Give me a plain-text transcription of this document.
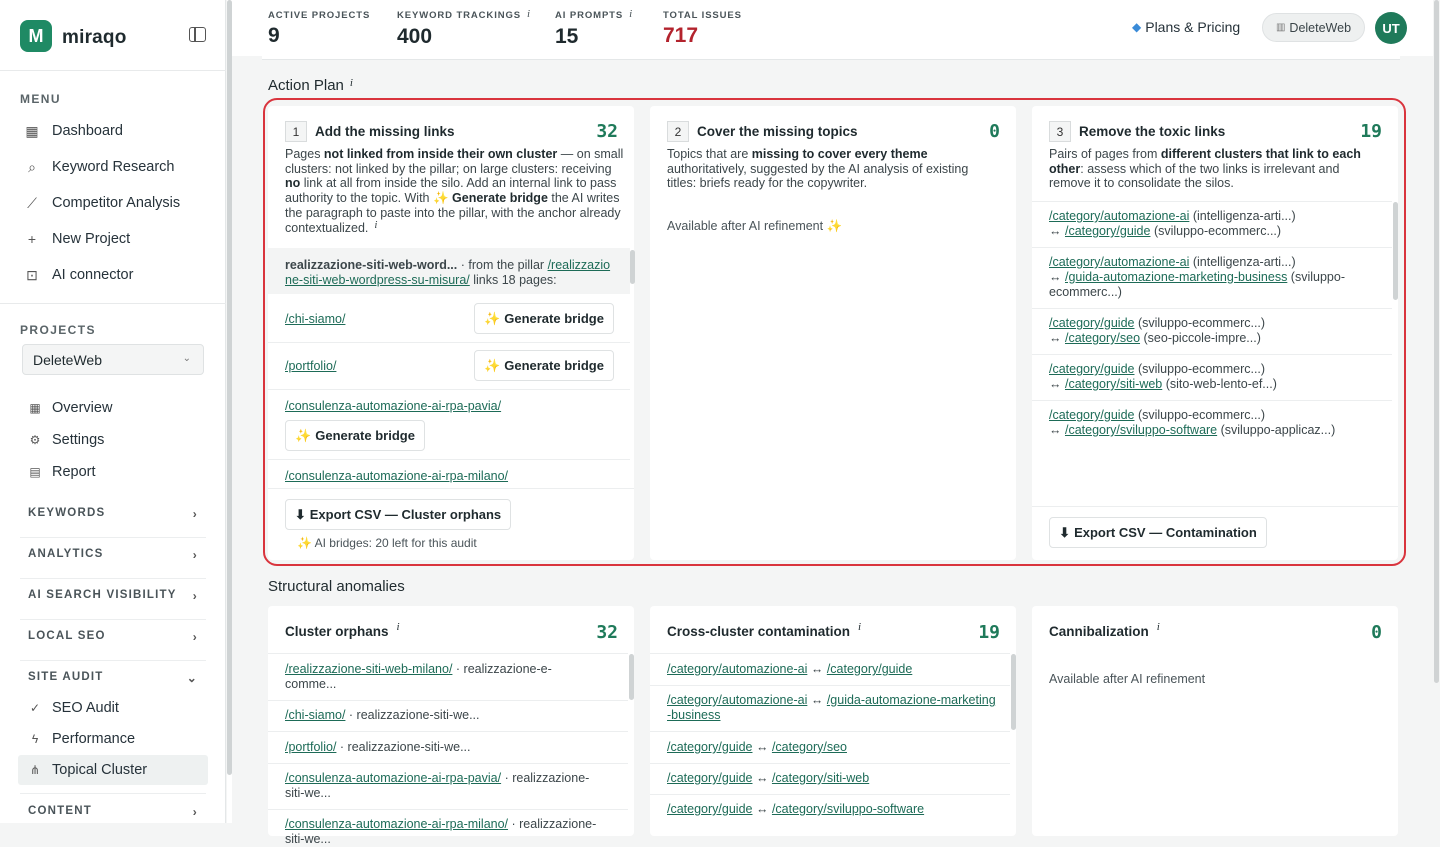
M miraqo
MENU
▦ Dashboard
⌕ Keyword Research
⟋ Competitor Analysis
+ New Project
⊡ AI connector
PROJECTS
DeleteWeb	⌄
▦ Overview
⚙ Settings
▤ Report
KEYWORDS	›
ANALYTICS	›
AI SEARCH VISIBILITY ›
LOCAL SEO	›
SITE AUDIT	⌄
✓ SEO Audit
ϟ Performance
⋔ Topical Cluster
CONTENT	›
ACTIVE PROJECTS
9
KEYWORD TRACKINGS i
400
AI PROMPTS i
15
TOTAL ISSUES
717	◆ Plans & Pricing	▥ DeleteWeb	UT
Action Plan $^i$
1	Add the missing links	32
Pages not linked from inside their own cluster — on small clusters: not linked by the pillar; on large clusters: receiving no link at all from inside the silo. Add an internal link to pass authority to the topic. With ✨ Generate bridge the AI writes the paragraph to paste into the pillar, with the anchor already contextualized. i
realizzazione-siti-web-word... · from the pillar /realizzazione-siti-web-wordpress-su-misura/ links 18 pages:
/chi-siamo/	✨ Generate bridge
/portfolio/	✨ Generate bridge
/consulenza-automazione-ai-rpa-pavia/
✨ Generate bridge
/consulenza-automazione-ai-rpa-milano/
⬇ Export CSV — Cluster orphans
✨ AI bridges: 20 left for this audit
2	Cover the missing topics	0
Topics that are missing to cover every theme authoritatively, suggested by the AI analysis of existing titles: briefs ready for the copywriter.
Available after AI refinement ✨
3	Remove the toxic links	19
Pairs of pages from different clusters that link to each other: assess which of the two links is irrelevant and remove it to consolidate the silos.
/category/automazione-ai (intelligenza-arti...)
↔ /category/guide (sviluppo-ecommerc...)
/category/automazione-ai (intelligenza-arti...)
↔ /guida-automazione-marketing-business (sviluppo-ecommerc...)
/category/guide (sviluppo-ecommerc...)
↔ /category/seo (seo-piccole-impre...)
/category/guide (sviluppo-ecommerc...)
↔ /category/siti-web (sito-web-lento-ef...)
/category/guide (sviluppo-ecommerc...)
↔ /category/sviluppo-software (sviluppo-applicaz...)
⬇ Export CSV — Contamination
Structural anomalies
Cluster orphans i	32
/realizzazione-siti-web-milano/ · realizzazione-e-comme...
/chi-siamo/ · realizzazione-siti-we...
/portfolio/ · realizzazione-siti-we...
/consulenza-automazione-ai-rpa-pavia/ · realizzazione-siti-we...
/consulenza-automazione-ai-rpa-milano/ · realizzazione-siti-we...
Cross-cluster contamination i	19
/category/automazione-ai ↔ /category/guide
/category/automazione-ai ↔ /guida-automazione-marketing-business
/category/guide ↔ /category/seo
/category/guide ↔ /category/siti-web
/category/guide ↔ /category/sviluppo-software
Cannibalization i	0
Available after AI refinement
